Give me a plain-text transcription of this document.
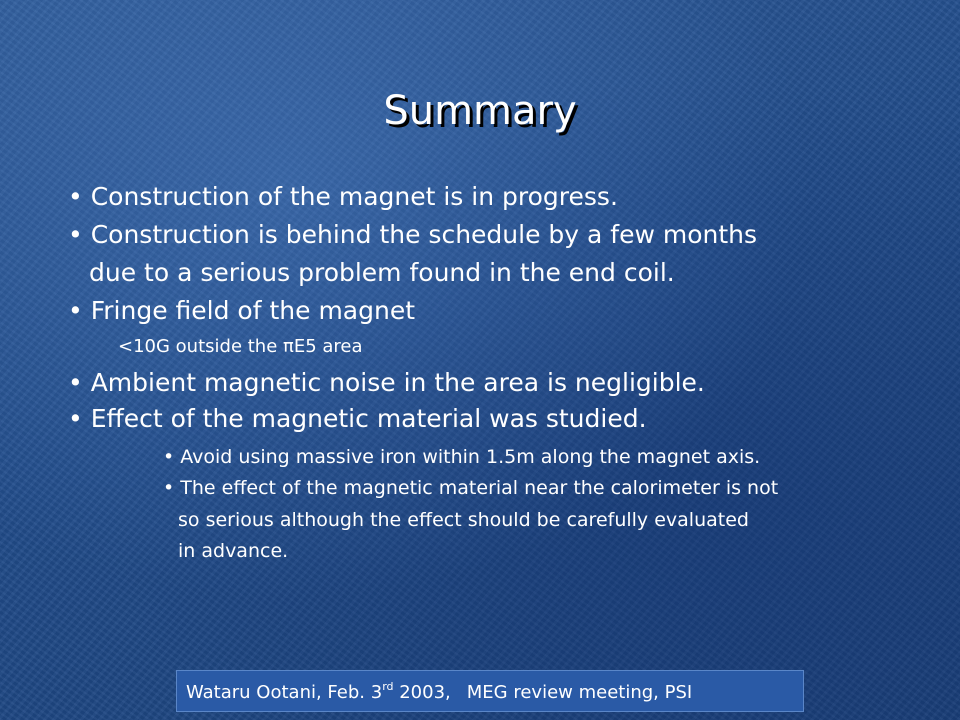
Summary
• Construction of the magnet is in progress.
• Construction is behind the schedule by a few months
due to a serious problem found in the end coil.
• Fringe field of the magnet
<10G outside the πE5 area
• Ambient magnetic noise in the area is negligible.
• Effect of the magnetic material was studied.
• Avoid using massive iron within 1.5m along the magnet axis.
• The effect of the magnetic material near the calorimeter is not
so serious although the effect should be carefully evaluated
in advance.
Wataru Ootani, Feb. 3rd 2003, MEG review meeting, PSI
